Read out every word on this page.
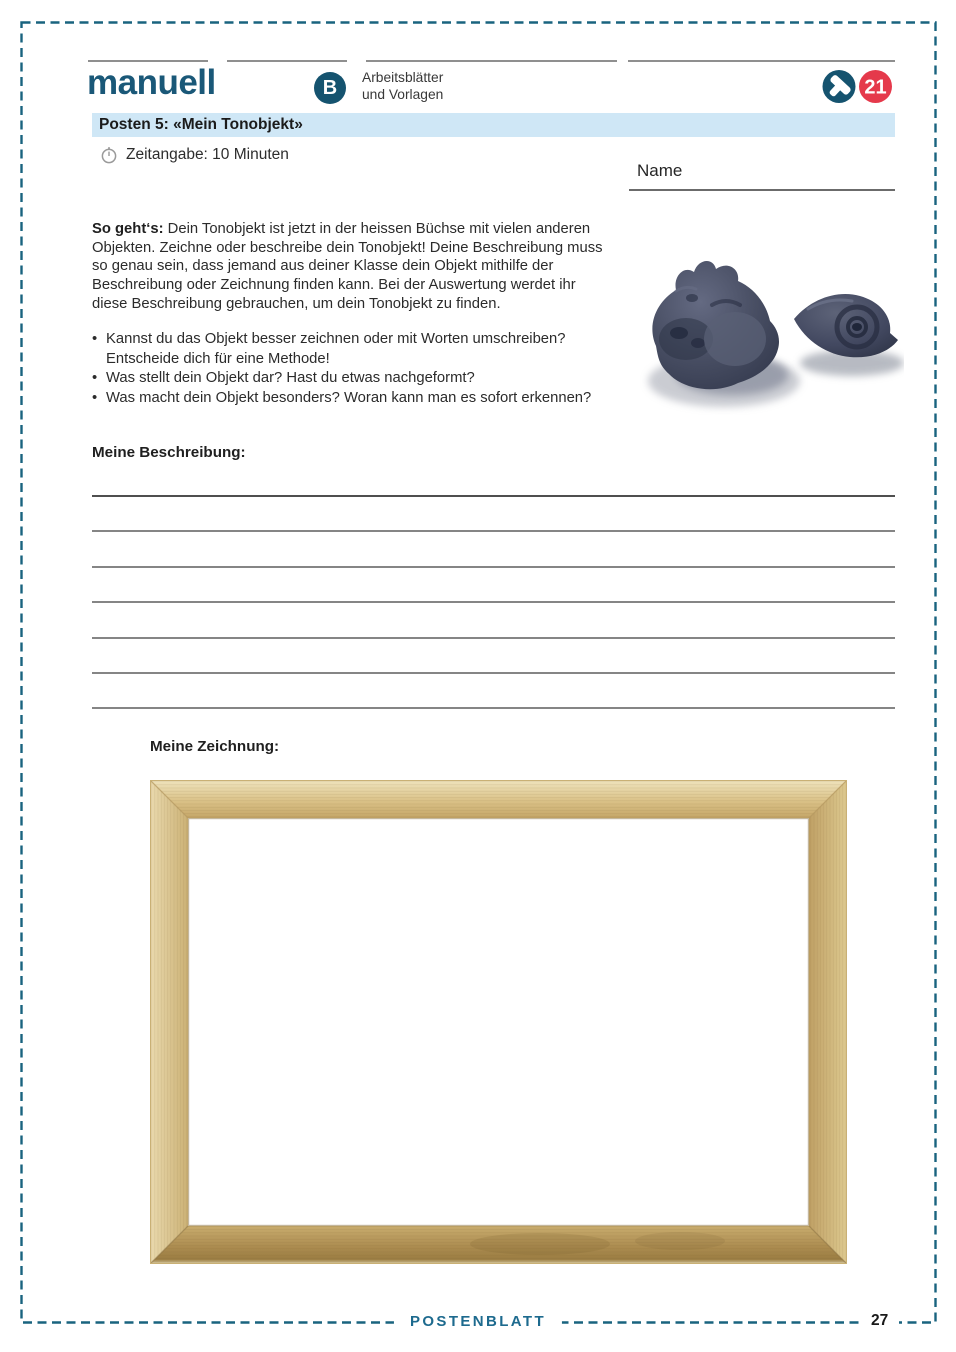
manuell	B Arbeitsblätter
und Vorlagen	21
Posten 5: «Mein Tonobjekt»
Zeitangabe: 10 Minuten
Name
So geht‘s: Dein Tonobjekt ist jetzt in der heissen Büchse mit vielen anderen Objekten. Zeichne oder beschreibe dein Tonobjekt! Deine Beschreibung muss so genau sein, dass jemand aus deiner Klasse dein Objekt mithilfe der Beschreibung oder Zeichnung finden kann. Bei der Auswertung werdet ihr diese Beschreibung gebrauchen, um dein Tonobjekt zu finden.
• Kannst du das Objekt besser zeichnen oder mit Worten umschreiben? Entscheide dich für eine Methode!
• Was stellt dein Objekt dar? Hast du etwas nachgeformt?
• Was macht dein Objekt besonders? Woran kann man es sofort erkennen?
Meine Beschreibung:
Meine Zeichnung:
POSTENBLATT	27
